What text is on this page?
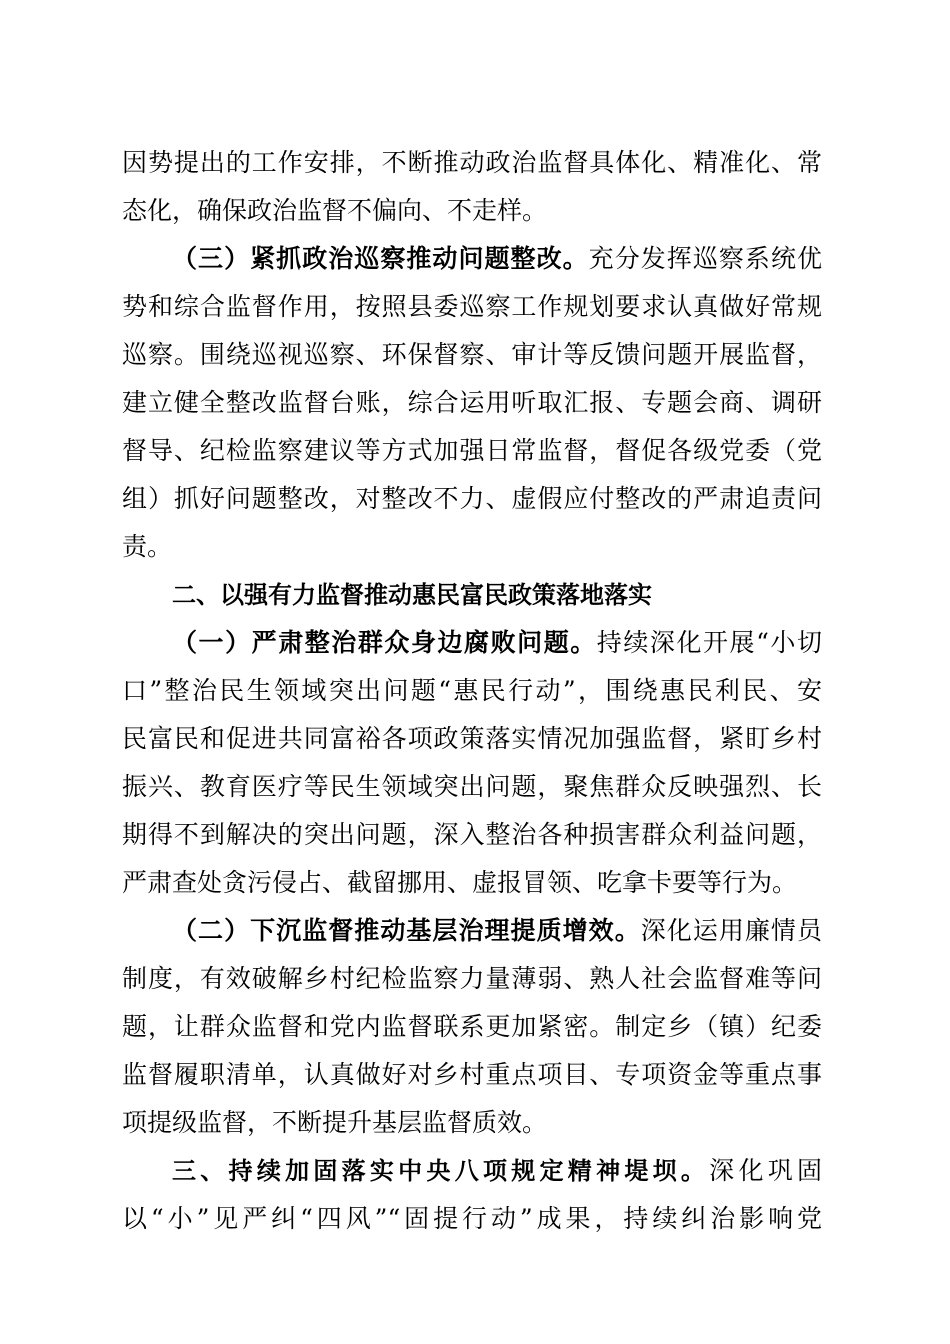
因势提出的工作安排，不断推动政治监督具体化、精准化、常
态化，确保政治监督不偏向、不走样。
（三）紧抓政治巡察推动问题整改。充分发挥巡察系统优
势和综合监督作用，按照县委巡察工作规划要求认真做好常规
巡察。围绕巡视巡察、环保督察、审计等反馈问题开展监督，
建立健全整改监督台账，综合运用听取汇报、专题会商、调研
督导、纪检监察建议等方式加强日常监督，督促各级党委（党
组）抓好问题整改，对整改不力、虚假应付整改的严肃追责问
责。
二、以强有力监督推动惠民富民政策落地落实
（一）严肃整治群众身边腐败问题。持续深化开展“小切
口”整治民生领域突出问题“惠民行动”，围绕惠民利民、安
民富民和促进共同富裕各项政策落实情况加强监督，紧盯乡村
振兴、教育医疗等民生领域突出问题，聚焦群众反映强烈、长
期得不到解决的突出问题，深入整治各种损害群众利益问题，
严肃查处贪污侵占、截留挪用、虚报冒领、吃拿卡要等行为。
（二）下沉监督推动基层治理提质增效。深化运用廉情员
制度，有效破解乡村纪检监察力量薄弱、熟人社会监督难等问
题，让群众监督和党内监督联系更加紧密。制定乡（镇）纪委
监督履职清单，认真做好对乡村重点项目、专项资金等重点事
项提级监督，不断提升基层监督质效。
三、持续加固落实中央八项规定精神堤坝。深化巩固
以“小”见严纠“四风”“固提行动”成果，持续纠治影响党
